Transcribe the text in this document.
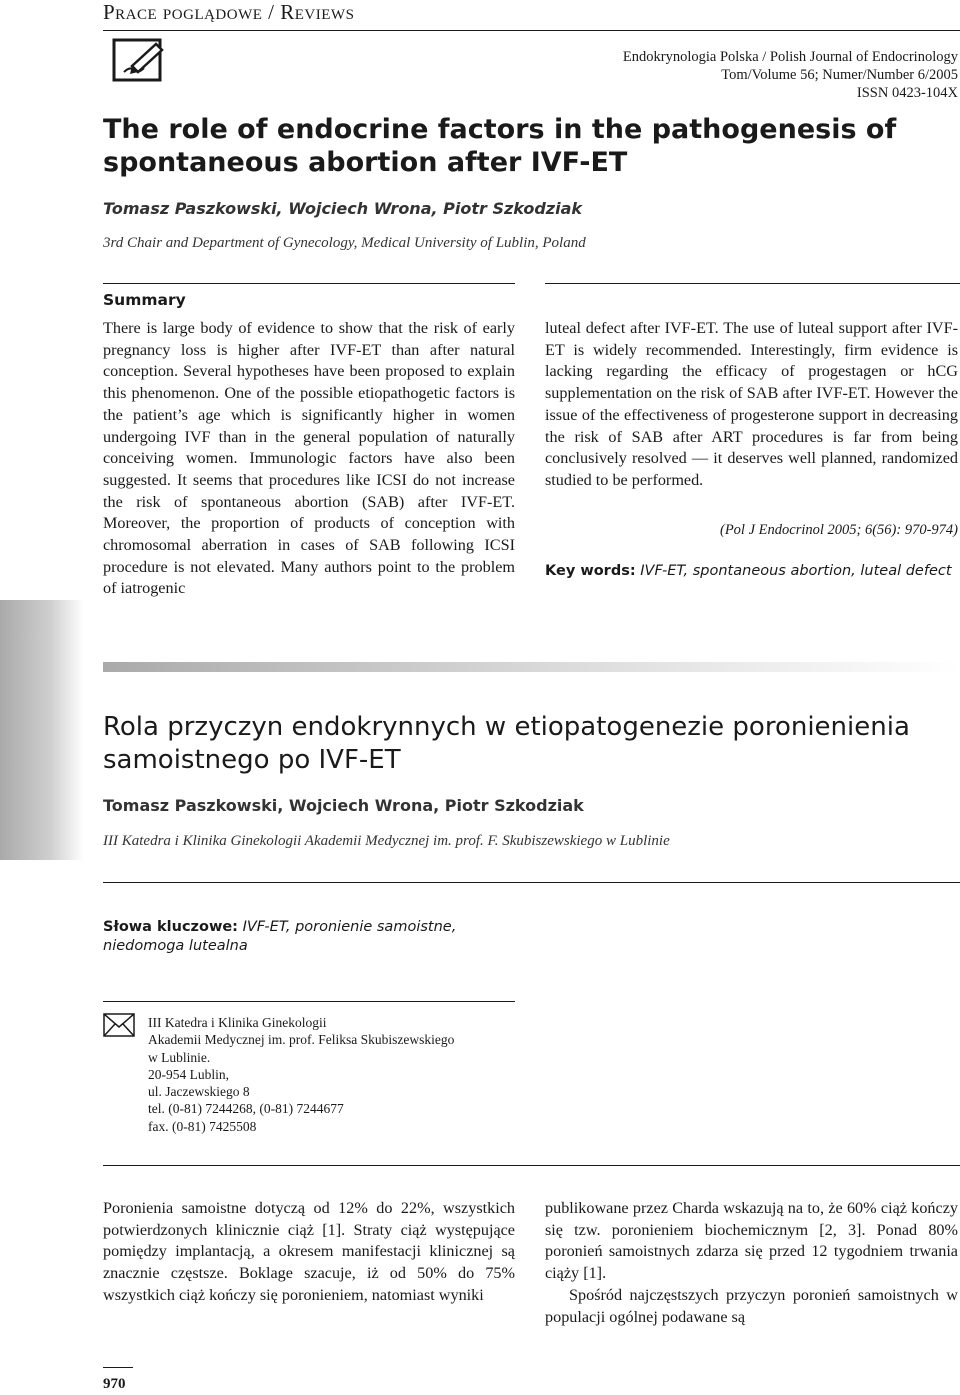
Prace poglądowe / Reviews
Endokrynologia Polska / Polish Journal of Endocrinology
Tom/Volume 56; Numer/Number 6/2005
ISSN 0423-104X
The role of endocrine factors in the pathogenesis of spontaneous abortion after IVF-ET
Tomasz Paszkowski, Wojciech Wrona, Piotr Szkodziak
3rd Chair and Department of Gynecology, Medical University of Lublin, Poland
Summary
There is large body of evidence to show that the risk of early pregnancy loss is higher after IVF-ET than after natural conception. Several hypotheses have been proposed to explain this phenomenon. One of the possible etiopathogetic factors is the patient’s age which is significantly higher in women undergoing IVF than in the general population of naturally conceiving women. Immunologic factors have also been suggested. It seems that procedures like ICSI do not increase the risk of spontaneous abortion (SAB) after IVF-ET. Moreover, the proportion of products of conception with chromosomal aberration in cases of SAB following ICSI procedure is not elevated. Many authors point to the problem of iatrogenic
luteal defect after IVF-ET. The use of luteal support after IVF-ET is widely recommended. Interestingly, firm evidence is lacking regarding the efficacy of progestagen or hCG supplementation on the risk of SAB after IVF-ET. However the issue of the effectiveness of progesterone support in decreasing the risk of SAB after ART procedures is far from being conclusively resolved — it deserves well planned, randomized studied to be performed.
(Pol J Endocrinol 2005; 6(56): 970-974)
Key words: IVF-ET, spontaneous abortion, luteal defect
Rola przyczyn endokrynnych w etiopatogenezie poronienienia samoistnego po IVF-ET
Tomasz Paszkowski, Wojciech Wrona, Piotr Szkodziak
III Katedra i Klinika Ginekologii Akademii Medycznej im. prof. F. Skubiszewskiego w Lublinie
Słowa kluczowe: IVF-ET, poronienie samoistne, niedomoga lutealna
III Katedra i Klinika Ginekologii
Akademii Medycznej im. prof. Feliksa Skubiszewskiego
w Lublinie.
20-954 Lublin,
ul. Jaczewskiego 8
tel. (0-81) 7244268, (0-81) 7244677
fax. (0-81) 7425508
Poronienia samoistne dotyczą od 12% do 22%, wszystkich potwierdzonych klinicznie ciąż [1]. Straty ciąż występujące pomiędzy implantacją, a okresem manifestacji klinicznej są znacznie częstsze. Boklage szacuje, iż od 50% do 75% wszystkich ciąż kończy się poronieniem, natomiast wyniki
publikowane przez Charda wskazują na to, że 60% ciąż kończy się tzw. poronieniem biochemicznym [2, 3]. Ponad 80% poronień samoistnych zdarza się przed 12 tygodniem trwania ciąży [1].
Spośród najczęstszych przyczyn poronień samoistnych w populacji ogólnej podawane są
970
